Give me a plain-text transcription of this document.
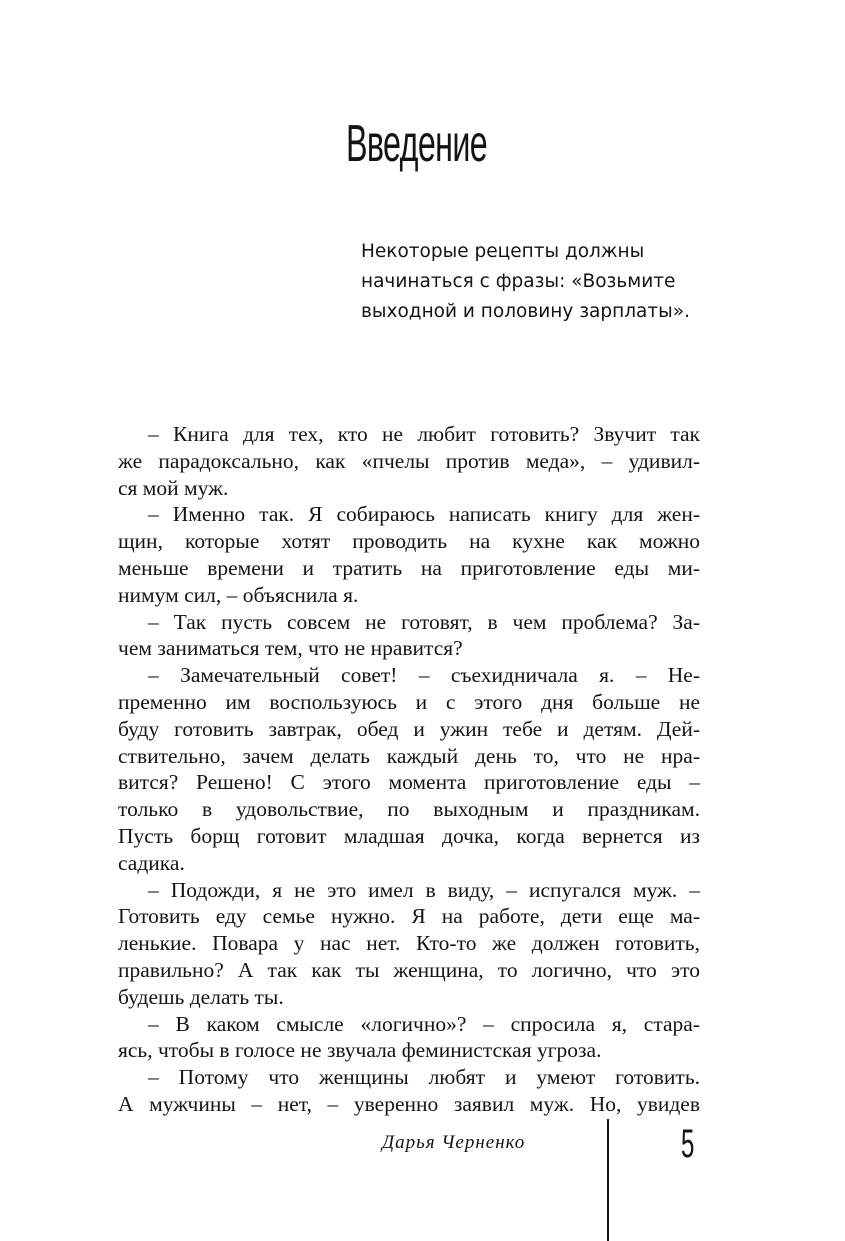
Введение
Некоторые рецепты должны
начинаться с фразы: «Возьмите
выходной и половину зарплаты».
– Книга для тех, кто не любит готовить? Звучит так
же парадоксально, как «пчелы против меда», – удивил-
ся мой муж.
– Именно так. Я собираюсь написать книгу для жен-
щин, которые хотят проводить на кухне как можно
меньше времени и тратить на приготовление еды ми-
нимум сил, – объяснила я.
– Так пусть совсем не готовят, в чем проблема? За-
чем заниматься тем, что не нравится?
– Замечательный совет! – съехидничала я. – Не-
пременно им воспользуюсь и с этого дня больше не
буду готовить завтрак, обед и ужин тебе и детям. Дей-
ствительно, зачем делать каждый день то, что не нра-
вится? Решено! С этого момента приготовление еды –
только в удовольствие, по выходным и праздникам.
Пусть борщ готовит младшая дочка, когда вернется из
садика.
– Подожди, я не это имел в виду, – испугался муж. –
Готовить еду семье нужно. Я на работе, дети еще ма-
ленькие. Повара у нас нет. Кто-то же должен готовить,
правильно? А так как ты женщина, то логично, что это
будешь делать ты.
– В каком смысле «логично»? – спросила я, стара-
ясь, чтобы в голосе не звучала феминистская угроза.
– Потому что женщины любят и умеют готовить.
А мужчины – нет, – уверенно заявил муж. Но, увидев
Дарья Черненко	5
